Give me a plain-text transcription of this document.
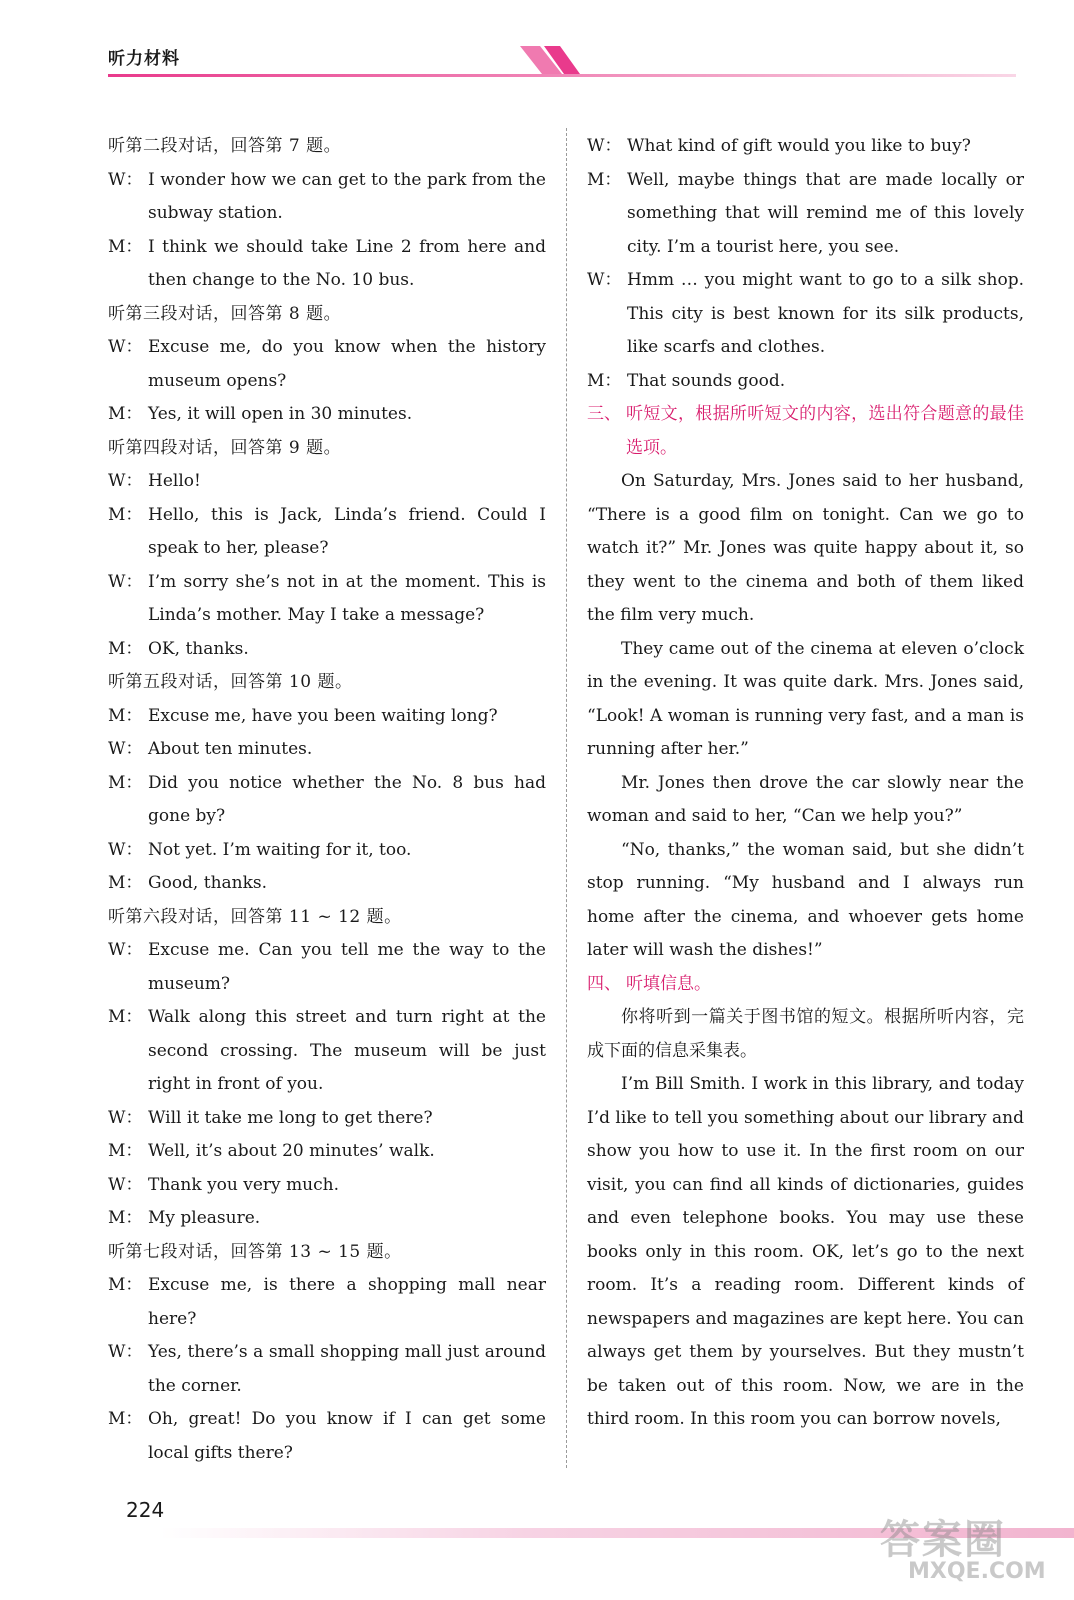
听力材料
听第二段对话，回答第 7 题。
W： I wonder how we can get to the park from the subway station.
M： I think we should take Line 2 from here and then change to the No. 10 bus.
听第三段对话，回答第 8 题。
W： Excuse me, do you know when the history museum opens?
M： Yes, it will open in 30 minutes.
听第四段对话，回答第 9 题。
W： Hello!
M： Hello, this is Jack, Linda’s friend. Could I speak to her, please?
W： I’m sorry she’s not in at the moment. This is Linda’s mother. May I take a message?
M： OK, thanks.
听第五段对话，回答第 10 题。
M： Excuse me, have you been waiting long?
W： About ten minutes.
M： Did you notice whether the No. 8 bus had gone by?
W： Not yet. I’m waiting for it, too.
M： Good, thanks.
听第六段对话，回答第 11 ~ 12 题。
W： Excuse me. Can you tell me the way to the museum?
M： Walk along this street and turn right at the second crossing. The museum will be just right in front of you.
W： Will it take me long to get there?
M： Well, it’s about 20 minutes’ walk.
W： Thank you very much.
M： My pleasure.
听第七段对话，回答第 13 ~ 15 题。
M： Excuse me, is there a shopping mall near here?
W： Yes, there’s a small shopping mall just around the corner.
M： Oh, great! Do you know if I can get some local gifts there?
W： What kind of gift would you like to buy?
M： Well, maybe things that are made locally or something that will remind me of this lovely city. I’m a tourist here, you see.
W： Hmm … you might want to go to a silk shop. This city is best known for its silk products, like scarfs and clothes.
M： That sounds good.
三、 听短文，根据所听短文的内容，选出符合题意的最佳选项。
On Saturday, Mrs. Jones said to her husband, “There is a good film on tonight. Can we go to watch it?” Mr. Jones was quite happy about it, so they went to the cinema and both of them liked the film very much.
They came out of the cinema at eleven o’clock in the evening. It was quite dark. Mrs. Jones said, “Look! A woman is running very fast, and a man is running after her.”
Mr. Jones then drove the car slowly near the woman and said to her, “Can we help you?”
“No, thanks,” the woman said, but she didn’t stop running. “My husband and I always run home after the cinema, and whoever gets home later will wash the dishes!”
四、 听填信息。
你将听到一篇关于图书馆的短文。根据所听内容，完成下面的信息采集表。
I’m Bill Smith. I work in this library, and today I’d like to tell you something about our library and show you how to use it. In the first room on our visit, you can find all kinds of dictionaries, guides and even telephone books. You may use these books only in this room. OK, let’s go to the next room. It’s a reading room. Different kinds of newspapers and magazines are kept here. You can always get them by yourselves. But they mustn’t be taken out of this room. Now, we are in the third room. In this room you can borrow novels,
224
答案圈
MXQE.COM
